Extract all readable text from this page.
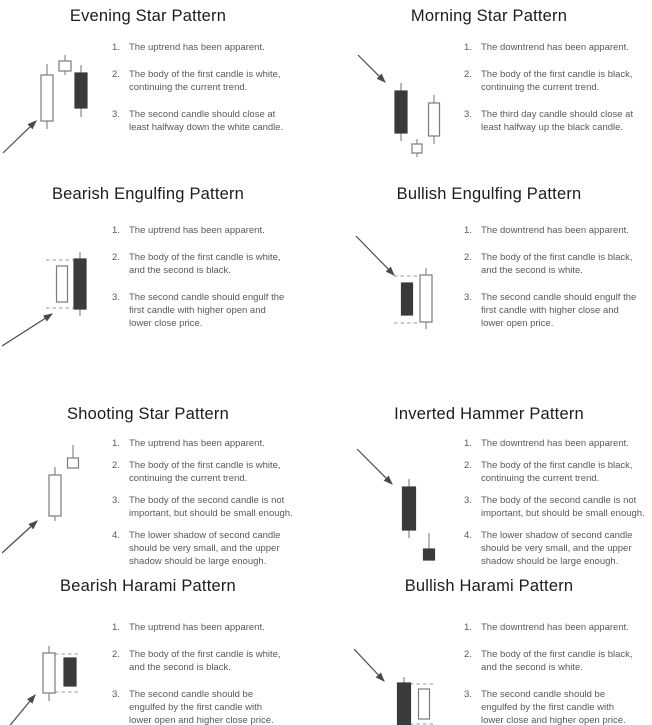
Evening Star Pattern
1. The uptrend has been apparent.
2. The body of the first candle is white,
continuing the current trend.
3. The second candle should close at
least halfway down the white candle.
Morning Star Pattern
1. The downtrend has been apparent.
2. The body of the first candle is black,
continuing the current trend.
3. The third day candle should close at
least halfway up the black candle.
Bearish Engulfing Pattern
1. The uptrend has been apparent.
2. The body of the first candle is white,
and the second is black.
3. The second candle should engulf the
first candle with higher open and
lower close price.
Bullish Engulfing Pattern
1. The downtrend has been apparent.
2. The body of the first candle is black,
and the second is white.
3. The second candle should engulf the
first candle with higher close and
lower open price.
Shooting Star Pattern
1. The uptrend has been apparent.
2. The body of the first candle is white,
continuing the current trend.
3. The body of the second candle is not
important, but should be small enough.
4. The lower shadow of second candle
should be very small, and the upper
shadow should be large enough.
Inverted Hammer Pattern
1. The downtrend has been apparent.
2. The body of the first candle is black,
continuing the current trend.
3. The body of the second candle is not
important, but should be small enough.
4. The lower shadow of second candle
should be very small, and the upper
shadow should be large enough.
Bearish Harami Pattern
1. The uptrend has been apparent.
2. The body of the first candle is white,
and the second is black.
3. The second candle should be
engulfed by the first candle with
lower open and higher close price.
Bullish Harami Pattern
1. The downtrend has been apparent.
2. The body of the first candle is black,
and the second is white.
3. The second candle should be
engulfed by the first candle with
lower close and higher open price.
